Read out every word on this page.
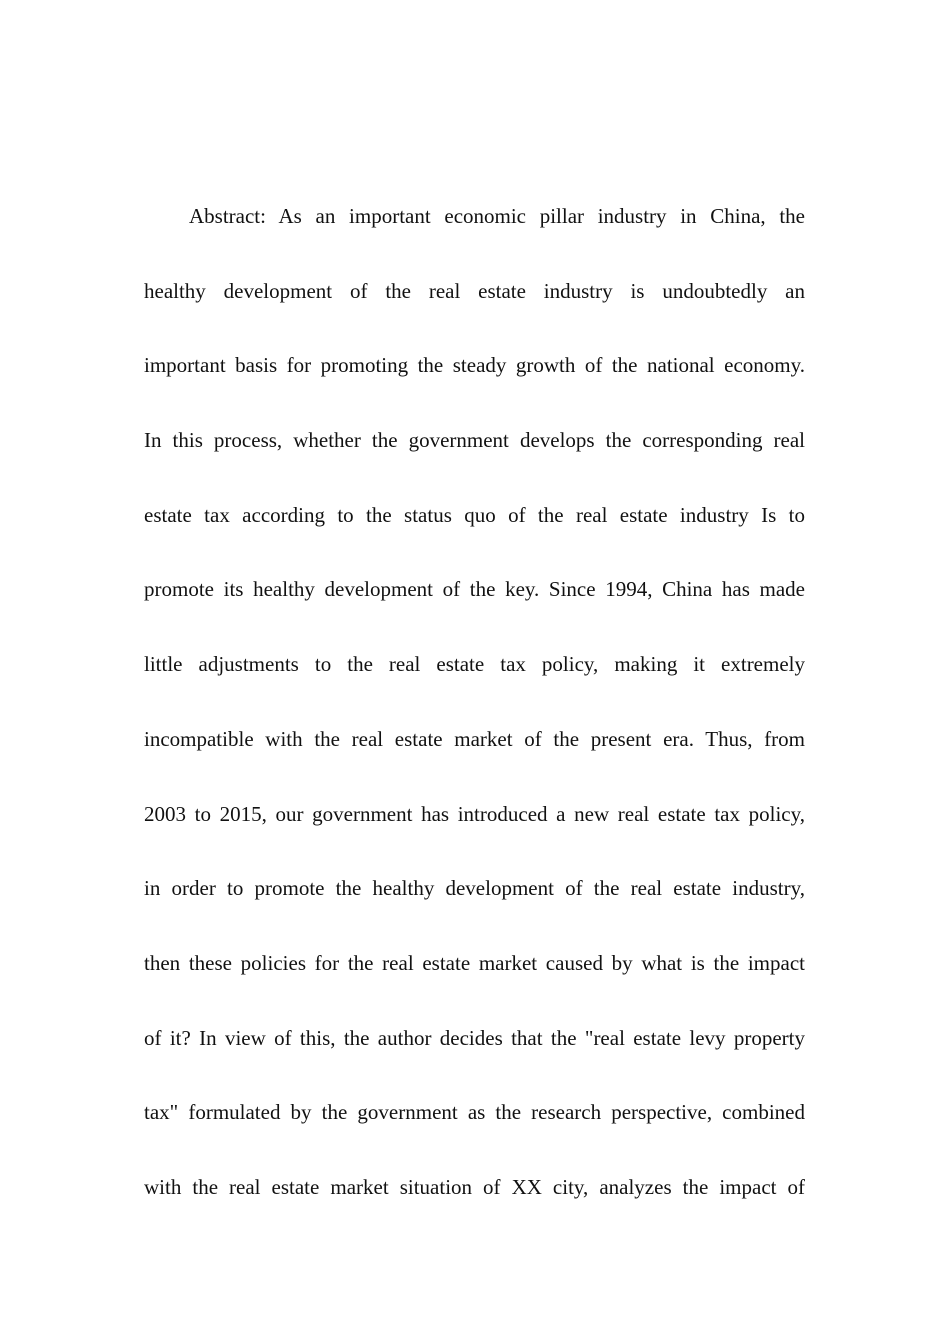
Abstract: As an important economic pillar industry in China, the
healthy development of the real estate industry is undoubtedly an
important basis for promoting the steady growth of the national economy.
In this process, whether the government develops the corresponding real
estate tax according to the status quo of the real estate industry Is to
promote its healthy development of the key. Since 1994, China has made
little adjustments to the real estate tax policy, making it extremely
incompatible with the real estate market of the present era. Thus, from
2003 to 2015, our government has introduced a new real estate tax policy,
in order to promote the healthy development of the real estate industry,
then these policies for the real estate market caused by what is the impact
of it? In view of this, the author decides that the "real estate levy property
tax" formulated by the government as the research perspective, combined
with the real estate market situation of XX city, analyzes the impact of
